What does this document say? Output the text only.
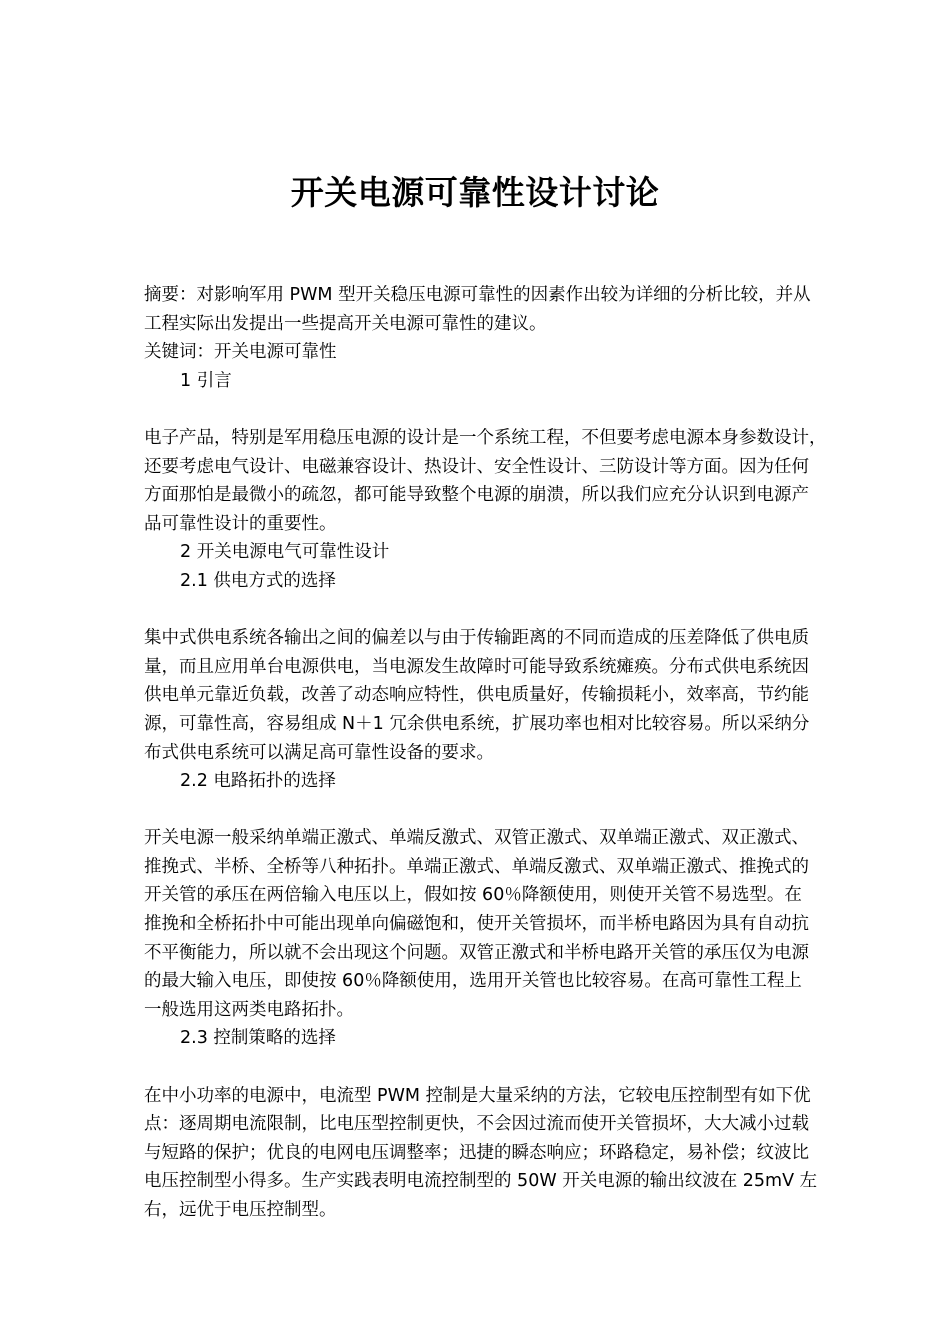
开关电源可靠性设计讨论
摘要：对影响军用 PWM 型开关稳压电源可靠性的因素作出较为详细的分析比较，并从
工程实际出发提出一些提高开关电源可靠性的建议。
关键词：开关电源可靠性
1 引言
电子产品，特别是军用稳压电源的设计是一个系统工程，不但要考虑电源本身参数设计，
还要考虑电气设计、电磁兼容设计、热设计、安全性设计、三防设计等方面。因为任何
方面那怕是最微小的疏忽，都可能导致整个电源的崩溃，所以我们应充分认识到电源产
品可靠性设计的重要性。
2 开关电源电气可靠性设计
2.1 供电方式的选择
集中式供电系统各输出之间的偏差以与由于传输距离的不同而造成的压差降低了供电质
量，而且应用单台电源供电，当电源发生故障时可能导致系统瘫痪。分布式供电系统因
供电单元靠近负载，改善了动态响应特性，供电质量好，传输损耗小，效率高，节约能
源，可靠性高，容易组成 N＋1 冗余供电系统，扩展功率也相对比较容易。所以采纳分
布式供电系统可以满足高可靠性设备的要求。
2.2 电路拓扑的选择
开关电源一般采纳单端正激式、单端反激式、双管正激式、双单端正激式、双正激式、
推挽式、半桥、全桥等八种拓扑。单端正激式、单端反激式、双单端正激式、推挽式的
开关管的承压在两倍输入电压以上，假如按 60％降额使用，则使开关管不易选型。在
推挽和全桥拓扑中可能出现单向偏磁饱和，使开关管损坏，而半桥电路因为具有自动抗
不平衡能力，所以就不会出现这个问题。双管正激式和半桥电路开关管的承压仅为电源
的最大输入电压，即使按 60％降额使用，选用开关管也比较容易。在高可靠性工程上
一般选用这两类电路拓扑。
2.3 控制策略的选择
在中小功率的电源中，电流型 PWM 控制是大量采纳的方法，它较电压控制型有如下优
点：逐周期电流限制，比电压型控制更快，不会因过流而使开关管损坏，大大减小过载
与短路的保护；优良的电网电压调整率；迅捷的瞬态响应；环路稳定，易补偿；纹波比
电压控制型小得多。生产实践表明电流控制型的 50W 开关电源的输出纹波在 25mV 左
右，远优于电压控制型。
